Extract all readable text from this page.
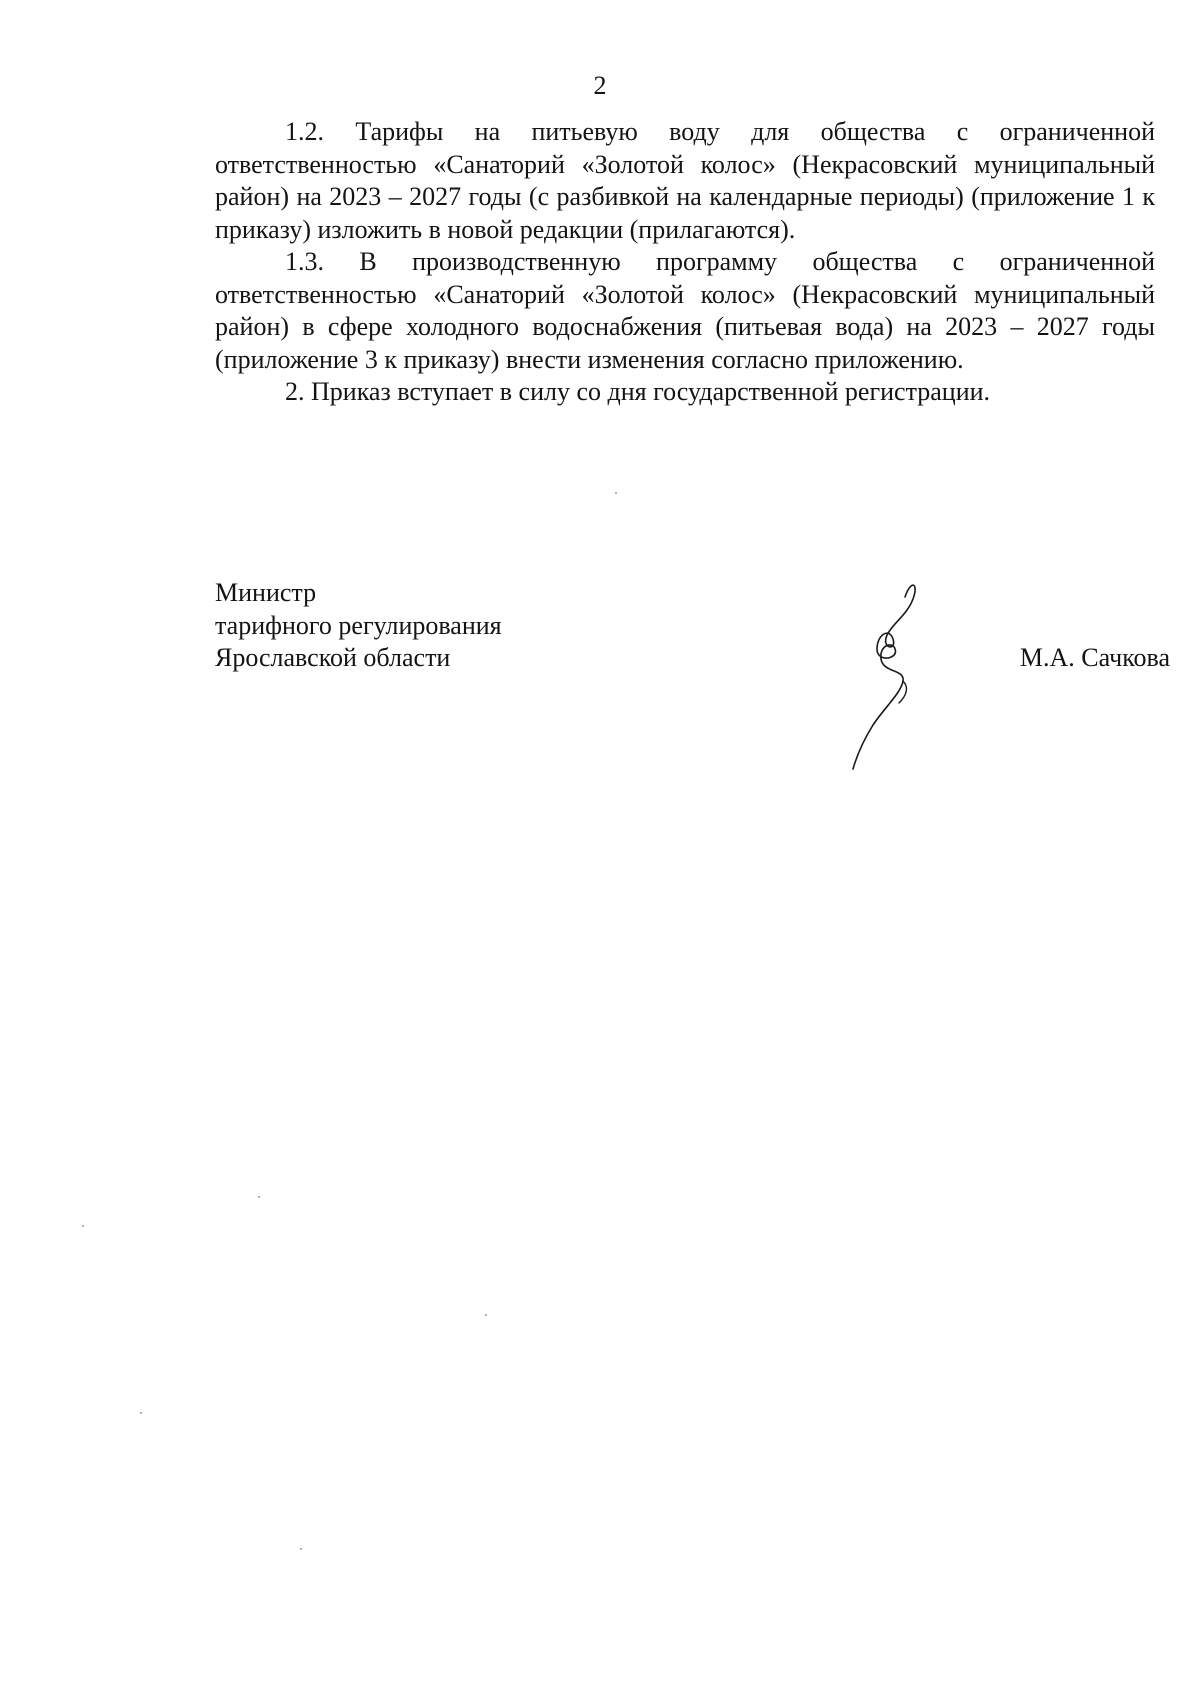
2

1.2. Тарифы на питьевую воду для общества с ограниченной ответственностью «Санаторий «Золотой колос» (Некрасовский муниципальный район) на 2023 – 2027 годы (с разбивкой на календарные периоды) (приложение 1 к приказу) изложить в новой редакции (прилагаются).

1.3. В производственную программу общества с ограниченной ответственностью «Санаторий «Золотой колос» (Некрасовский муниципальный район) в сфере холодного водоснабжения (питьевая вода) на 2023 – 2027 годы (приложение 3 к приказу) внести изменения согласно приложению.

2. Приказ вступает в силу со дня государственной регистрации.

Министр
тарифного регулирования
Ярославской области	М.А. Сачкова
